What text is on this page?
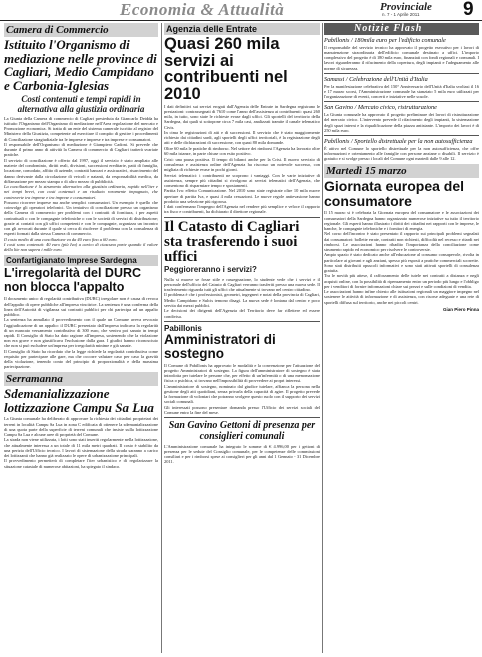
Economia & Attualità	Provinciale
n. 7 - 1 Aprile 2011 9
Camera di Commercio
Istituito l'Organismo di mediazione nelle province di Cagliari, Medio Campidano e Carbonia-Iglesias
Costi contenuti e tempi rapidi in alternativa alla giustizia ordinaria

La Giunta della Camera di commercio di Cagliari presieduta da Giancarlo Deidda ha istituito l'Organismo dell'Organismo di mediazione nell'Area regolazione del mercato e Promozione economica. Si tratta di un ente del sistema camerale iscritto al registro del Ministero della Giustizia, competente ad esercitare il compito di gestire i procedimenti di Conciliazione stragiudiziale tra le imprese e imprese e tra imprese e consumatori.

Il responsabile dell'Organismo di mediazione è Giampiero Cadoni. Si prevede che durante il primo anno di attività la Camera di commercio di Cagliari tratterà svariate pratiche.

Il servizio di conciliazione è offerto dal 1997, oggi il servizio è stato ampliato alle materie del condominio, diritti reali, divisioni, successioni ereditarie, patti di famiglia, locazione, comodato, affitto di aziende, contratti bancari e assicurativi, risarcimento del danno derivante dalla circolazione di veicoli e natanti, da responsabilità medica, da diffamazione per mezzo stampa o di altro mezzo di pubblicità.

La conciliazione è lo strumento alternativo alla giustizia ordinaria, rapido nell'iter e nei tempi brevi, con costi contenuti e un risultato raramente impugnato, che controverte tra imprese e tra imprese e consumatori.

Possono ricorrere imprese ma anche semplici consumatori. Un esempio è quello che coinvolge gli operatori telefonici. Un tentativo di conciliazione presso un organismo della Camera di commercio per problemi con i contratti di fornitura, i per aspetti contrattuali o con le compagnie telefoniche o con le società di servizi di distribuzione; grazie ai contatti con gli uffici competenti e con le compagnie, organizza un incontro con gli avvocati durante il quale si cerca di risolvere il problema con la consulenza di esperti formati dalla stessa Camera di commercio.

Il costo medio di una conciliazione va da 40 euro fino a 60 euro.

I costi sono contenuti: 40 euro (più Iva) a carico di ciascuna parte quando il valore della lite non supera i mille euro.

Confartigianato Imprese Sardegna
L'irregolarità del DURC non blocca l'appalto

Il documento unico di regolarità contributiva (DURC) irregolare non è causa di revoca dell'appalto di opere pubbliche all'impresa vincitrice. La sentenza è una conferma della linea dell'Autorità di vigilanza sui contratti pubblici per chi partecipa ad un appalto pubblico.

La sentenza ha annullato il provvedimento con il quale un Comune aveva revocato l'aggiudicazione di un appalto: il DURC presentato dall'impresa indicava la regolarità di un mancato versamento contributivo di 300 euro, che veniva poi sanato in tempi rapidi. Il Consiglio di Stato ha dato ragione all'impresa, sostenendo che la violazione non era grave e non giustificava l'esclusione dalla gara. I giudici hanno riconosciuto che non si può escludere un'impresa per irregolarità minime e già sanate.

Il Consiglio di Stato ha ricordato che la legge richiede la regolarità contributiva come requisito per partecipare alle gare, ma che occorre valutare caso per caso la gravità della violazione, tenendo conto del principio di proporzionalità e della massima partecipazione.

Serramanna
Sdemanializzazione lottizzazione Campu Sa Lua

La Giunta comunale ha deliberato di approvare la richiesta dei cittadini proprietari dei terreni in località Campu Sa Lua in zona C edificata di ottenere la sdemanializzazione di una quota parte della superficie di terreni comunali che insiste sulla lottizzazione Campu Sa Lua e alcune aree di proprietà del Comune.

La strada non viene utilizzata, i lotti sono stati inseriti regolarmente nella lottizzazione, che attualmente interessa a un totale di 11 mila metri quadrati. Il costo è stabilito da una perizia dell'Ufficio tecnico. I lavori di sistemazione della strada saranno a carico dei lottizzanti che hanno già realizzato le opere di urbanizzazione principali.

Il provvedimento permetterà di completare l'iter urbanistico e di regolarizzare la situazione catastale di numerose abitazioni, ha spiegato il sindaco.

Agenzia delle Entrate
Quasi 260 mila servizi ai contribuenti nel 2010

I dati definitivi sui servizi erogati dall'Agenzia delle Entrate in Sardegna registrano le prestazioni: contrassegnati di 7610 come l'anno dell'assistenza ai contribuenti: quasi 260 mila, in tutto, sono state le richieste evase dagli uffici. Gli sportelli del territorio della Sardegna, dai quali si sottopone circa 7 mila casi, analizzati tramite il canale telematico Civis.

In cima le registrazioni di atti e di successioni. Il servizio che è stato maggiormente richiesto dai cittadini sardi, agli sportelli degli uffici territoriali, è la registrazione degli atti e delle dichiarazioni di successione, con quasi 80 mila domande.

Oltre 60 mila le pratiche di rimborso. Nel settore dei rimborsi l'Agenzia ha lavorato oltre 60 mila istanze, in parte chiuse con esito positivo.

Crisi: una pausa positiva. Il tempo di bilanci anche per la Crisi. Il nuovo servizio di consulenza e assistenza online dell'Agenzia ha riscosso un notevole successo, con migliaia di richieste evase in pochi giorni.

Servizi telematici: i contribuenti ne scoprono i vantaggi. Con le varie iniziative di assistenza, sempre più cittadini si rivolgono ai servizi telematici dell'Agenzia, che consentono di risparmiare tempo e spostamenti.

Partita Iva: effetto Comunicazione. Nel 2010 sono state registrate oltre 10 mila nuove aperture di partita Iva, e quasi 4 mila cessazioni. Le nuove regole antievasione hanno prodotto una selezione più rigorosa.

I dati confermano l'impegno dell'Agenzia nel rendere più semplice e veloce il rapporto tra fisco e contribuenti, ha dichiarato il direttore regionale.

Il Catasto di Cagliari sta trasferendo i suoi uffici
Peggioreranno i servizi?

Nulla si muove se fosse stile e rassegnazione, lo studente vede che i servizi e il personale dell'ufficio del Catasto di Cagliari verranno trasferiti presso una nuova sede. Il trasferimento riguarda tutti gli uffici che attualmente si trovano nel centro cittadino.

Il problema è che i professionisti, geometri, ingegneri e notai della provincia di Cagliari, Medio Campidano e Sulcis temono disagi. La nuova sede è lontana dal centro e poco servita dai mezzi pubblici.

Le decisioni dei dirigenti dell'Agenzia del Territorio deve far riflettere ed essere condivisa.

Pabillonis
Amministratori di sostegno

Il Comune di Pabillonis ha approvato le modalità e la convenzione per l'attuazione del progetto Amministratori di sostegno. La figura dell'amministratore di sostegno è stata introdotta per tutelare le persone che, per effetto di un'infermità o di una menomazione fisica o psichica, si trovano nell'impossibilità di provvedere ai propri interessi.

L'amministratore di sostegno, nominato dal giudice tutelare, affianca la persona nella gestione degli atti quotidiani, senza privarla della capacità di agire. Il progetto prevede la formazione di volontari che potranno svolgere questo ruolo con il supporto dei servizi sociali comunali.

Gli interessati possono presentare domanda presso l'Ufficio dei servizi sociali del Comune entro la fine del mese.

San Gavino Gettoni di presenza per consiglieri comunali

L'Amministrazione comunale ha integrato le somme di € 4.996,00 per i gettoni di presenza per le sedute del Consiglio comunale, per le competenze delle commissioni consiliari e per i rimborsi spese ai consiglieri per gli anni dal 1 Gennaio - 31 Dicembre 2011.

Notizie Flash
Pabillonis / 180mila euro per l'edificio comunale
Il responsabile del servizio tecnico ha approvato il progetto esecutivo per i lavori di manutenzione straordinaria dell'edificio comunale destinato a uffici. L'importo complessivo del progetto è di 180 mila euro, finanziati con fondi regionali e comunali. I lavori riguarderanno il rifacimento della copertura, degli impianti e l'adeguamento alle norme di sicurezza.
Samassi / Celebrazione dell'Unità d'Italia
Per la manifestazione celebrativa del 150° Anniversario dell'Unità d'Italia svoltasi il 16 e 17 marzo scorsi, l'Amministrazione comunale ha stanziato 5 mila euro utilizzati per l'organizzazione di eventi, concerti e iniziative nelle scuole.
San Gavino / Mercato civico, ristrutturazione
La Giunta comunale ha approvato il progetto preliminare dei lavori di ristrutturazione del mercato civico. L'intervento prevede il rifacimento degli impianti, la sistemazione degli spazi interni e la riqualificazione della piazza antistante. L'importo dei lavori è di 250 mila euro.
Pabillonis / Sportello distrettuale per la non autosufficienza
È attivo nel Comune lo sportello distrettuale per la non autosufficienza, che offre informazioni e orientamento alle famiglie con persone anziane o disabili. Il servizio è gratuito e si svolge presso i locali del Comune ogni martedì dalle 9 alle 12.
Martedì 15 marzo
Giornata europea del consumatore

Il 15 marzo si è celebrata la Giornata europea del consumatore e le associazioni dei consumatori della Sardegna hanno organizzato numerose iniziative su tutto il territorio regionale. Gli esperti hanno illustrato i diritti dei cittadini nei rapporti con le imprese, le banche, le compagnie telefoniche e i fornitori di energia.

Nel corso dell'incontro è stato presentato il rapporto sui principali problemi segnalati dai consumatori: bollette errate, contratti non richiesti, difficoltà nel recesso e ritardi nei rimborsi. Le associazioni hanno ribadito l'importanza della conciliazione come strumento rapido ed economico per risolvere le controversie.

Ampio spazio è stato dedicato anche all'educazione al consumo consapevole, rivolta in particolare ai giovani e agli anziani, spesso più esposti a pratiche commerciali scorrette. Sono stati distribuiti opuscoli informativi e sono stati attivati sportelli di consulenza gratuita.

Tra le novità più attese, il rafforzamento delle tutele nei contratti a distanza e negli acquisti online, con la possibilità di ripensamento entro un periodo più lungo e l'obbligo per i venditori di fornire informazioni chiare sui prezzi e sulle condizioni di vendita.

Le associazioni hanno infine chiesto alle istituzioni regionali un maggiore impegno nel sostenere le attività di informazione e di assistenza, con risorse adeguate e una rete di sportelli diffusa sul territorio, anche nei piccoli centri.

Gian Piero Pinna
